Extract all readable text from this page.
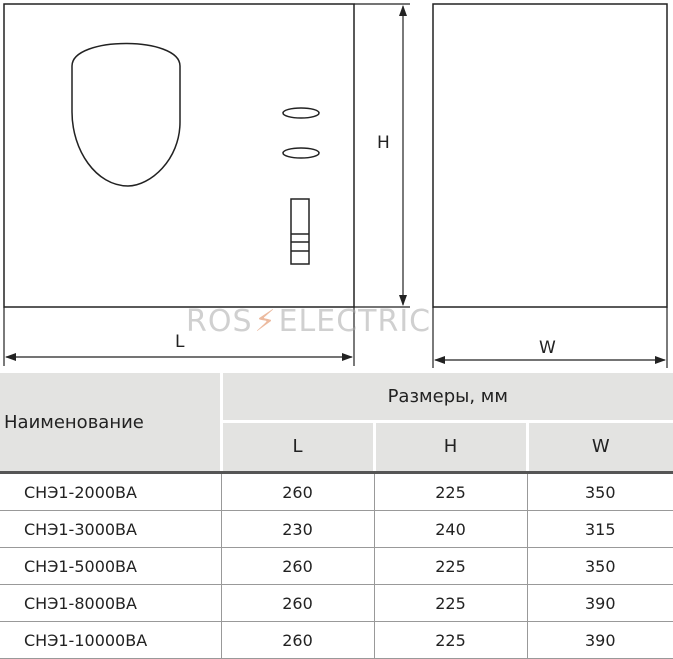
L
H
W
ROS⚡ELECTRIC
Наименование	Размеры, мм		
	L	H	W
СНЭ1-2000ВА	260	225	350
СНЭ1-3000ВА	230	240	315
СНЭ1-5000ВА	260	225	350
СНЭ1-8000ВА	260	225	390
СНЭ1-10000ВА	260	225	390
